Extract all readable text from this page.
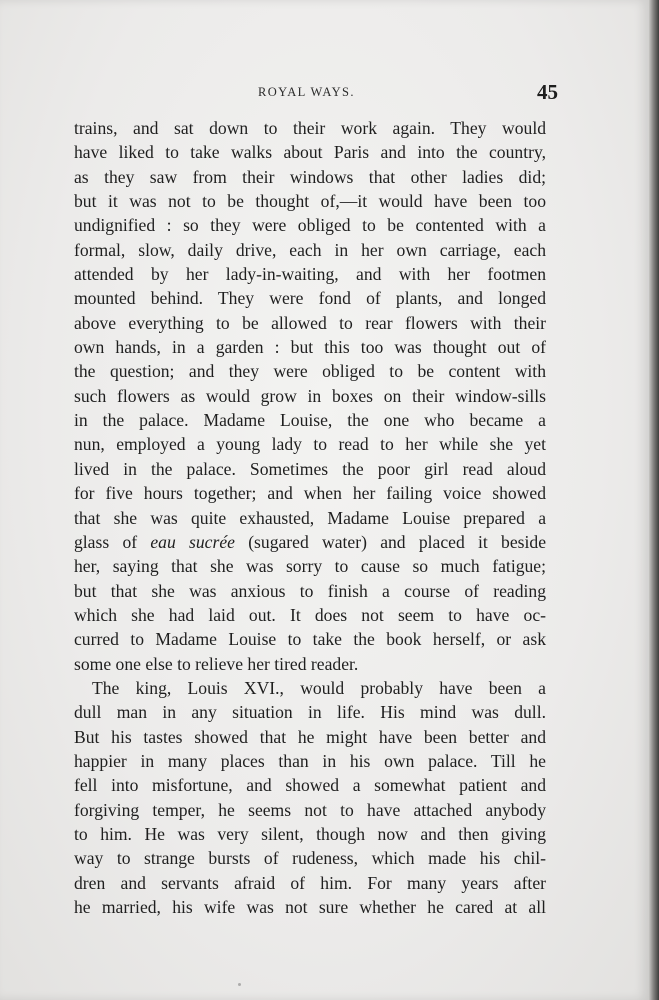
ROYAL WAYS.	45
trains, and sat down to their work again. They would
have liked to take walks about Paris and into the country,
as they saw from their windows that other ladies did;
but it was not to be thought of,—it would have been too
undignified : so they were obliged to be contented with a
formal, slow, daily drive, each in her own carriage, each
attended by her lady-in-waiting, and with her footmen
mounted behind. They were fond of plants, and longed
above everything to be allowed to rear flowers with their
own hands, in a garden : but this too was thought out of
the question; and they were obliged to be content with
such flowers as would grow in boxes on their window-sills
in the palace. Madame Louise, the one who became a
nun, employed a young lady to read to her while she yet
lived in the palace. Sometimes the poor girl read aloud
for five hours together; and when her failing voice showed
that she was quite exhausted, Madame Louise prepared a
glass of eau sucrée (sugared water) and placed it beside
her, saying that she was sorry to cause so much fatigue;
but that she was anxious to finish a course of reading
which she had laid out. It does not seem to have oc-
curred to Madame Louise to take the book herself, or ask
some one else to relieve her tired reader.
The king, Louis XVI., would probably have been a
dull man in any situation in life. His mind was dull.
But his tastes showed that he might have been better and
happier in many places than in his own palace. Till he
fell into misfortune, and showed a somewhat patient and
forgiving temper, he seems not to have attached anybody
to him. He was very silent, though now and then giving
way to strange bursts of rudeness, which made his chil-
dren and servants afraid of him. For many years after
he married, his wife was not sure whether he cared at all
